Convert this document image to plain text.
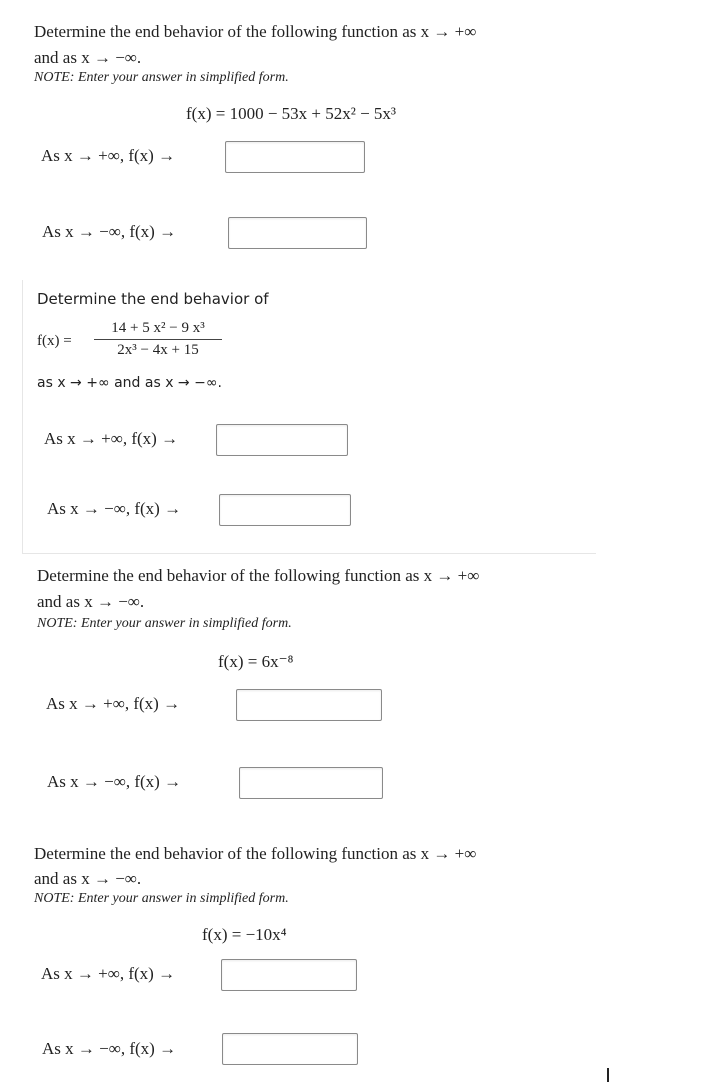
Determine the end behavior of the following function as x → +∞
and as x → −∞.
NOTE: Enter your answer in simplified form.
f(x) = 1000 − 53x + 52x² − 5x³
As x → +∞, f(x) →
As x → −∞, f(x) →
Determine the end behavior of
f(x) =
14 + 5 x² − 9 x³
2x³ − 4x + 15
as x → +∞ and as x → −∞.
As x → +∞, f(x) →
As x → −∞, f(x) →
Determine the end behavior of the following function as x → +∞
and as x → −∞.
NOTE: Enter your answer in simplified form.
f(x) = 6x⁻⁸
As x → +∞, f(x) →
As x → −∞, f(x) →
Determine the end behavior of the following function as x → +∞
and as x → −∞.
NOTE: Enter your answer in simplified form.
f(x) = −10x⁴
As x → +∞, f(x) →
As x → −∞, f(x) →
